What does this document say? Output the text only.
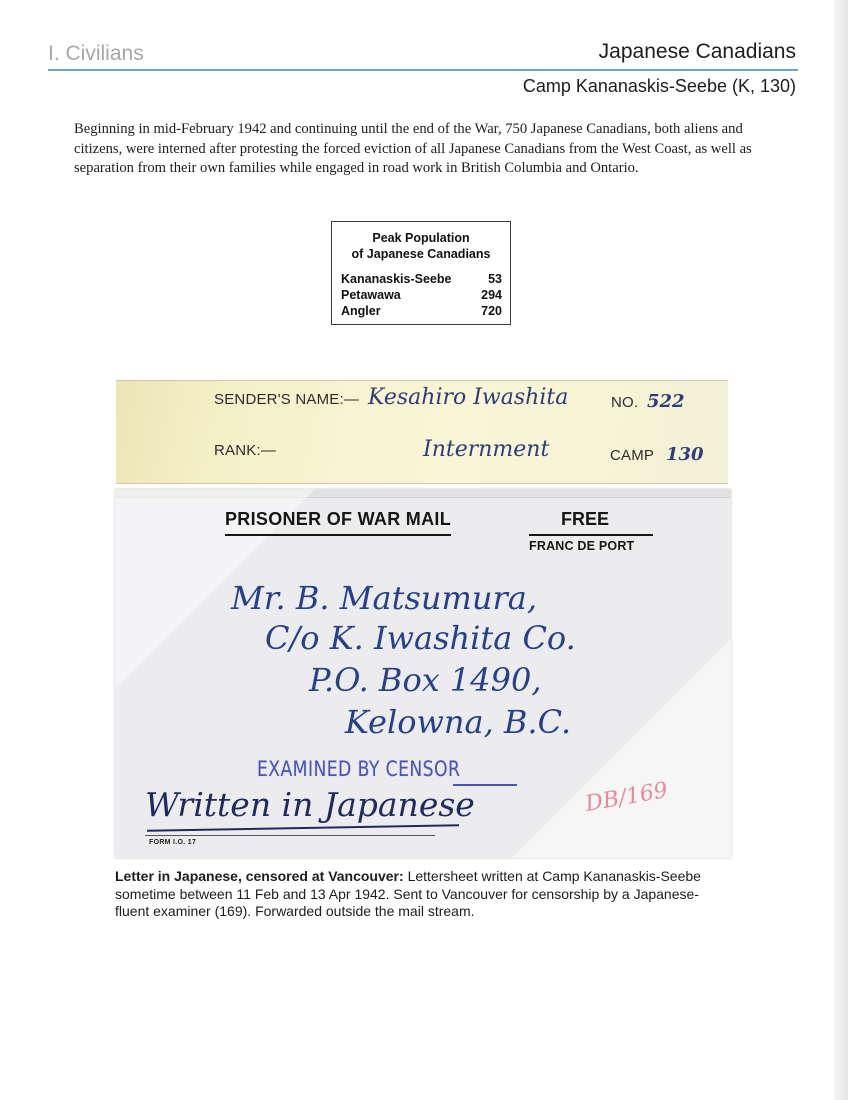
I. Civilians	Japanese Canadians
Camp Kananaskis-Seebe (K, 130)
Beginning in mid-February 1942 and continuing until the end of the War, 750 Japanese Canadians, both aliens and citizens, were interned after protesting the forced eviction of all Japanese Canadians from the West Coast, as well as separation from their own families while engaged in road work in British Columbia and Ontario.
Peak Population
of Japanese Canadians
Kananaskis-Seebe	53
Petawawa	294
Angler	720
SENDER'S NAME:— Kesahiro Iwashita	NO. 522
RANK:—	Internment	CAMP 130
PRISONER OF WAR MAIL	FREE
FRANC DE PORT
Mr. B. Matsumura,
C/o K. Iwashita Co.
P.O. Box 1490,
Kelowna, B.C.
EXAMINED BY CENSOR
Written in Japanese	DB/169
FORM I.O. 17
Letter in Japanese, censored at Vancouver: Lettersheet written at Camp Kananaskis-Seebe sometime between 11 Feb and 13 Apr 1942. Sent to Vancouver for censorship by a Japanese-fluent examiner (169). Forwarded outside the mail stream.
